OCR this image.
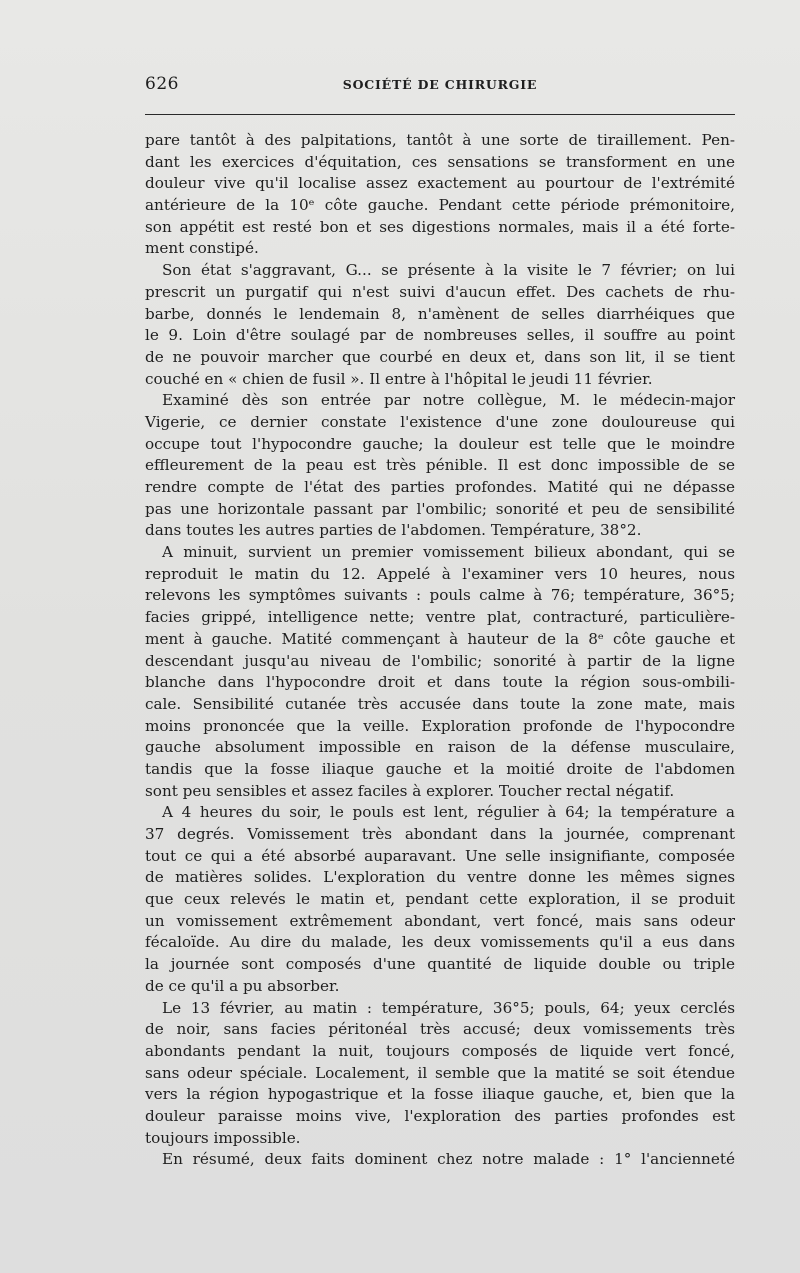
626	SOCIÉTÉ DE CHIRURGIE

pare tantôt à des palpitations, tantôt à une sorte de tiraillement. Pen-

dant les exercices d'équitation, ces sensations se transforment en une

douleur vive qu'il localise assez exactement au pourtour de l'extrémité

antérieure de la 10ᵉ côte gauche. Pendant cette période prémonitoire,

son appétit est resté bon et ses digestions normales, mais il a été forte-

ment constipé.

Son état s'aggravant, G... se présente à la visite le 7 février; on lui

prescrit un purgatif qui n'est suivi d'aucun effet. Des cachets de rhu-

barbe, donnés le lendemain 8, n'amènent de selles diarrhéiques que

le 9. Loin d'être soulagé par de nombreuses selles, il souffre au point

de ne pouvoir marcher que courbé en deux et, dans son lit, il se tient

couché en « chien de fusil ». Il entre à l'hôpital le jeudi 11 février.

Examiné dès son entrée par notre collègue, M. le médecin-major

Vigerie, ce dernier constate l'existence d'une zone douloureuse qui

occupe tout l'hypocondre gauche; la douleur est telle que le moindre

effleurement de la peau est très pénible. Il est donc impossible de se

rendre compte de l'état des parties profondes. Matité qui ne dépasse

pas une horizontale passant par l'ombilic; sonorité et peu de sensibilité

dans toutes les autres parties de l'abdomen. Température, 38°2.

A minuit, survient un premier vomissement bilieux abondant, qui se

reproduit le matin du 12. Appelé à l'examiner vers 10 heures, nous

relevons les symptômes suivants : pouls calme à 76; température, 36°5;

facies grippé, intelligence nette; ventre plat, contracturé, particulière-

ment à gauche. Matité commençant à hauteur de la 8ᵉ côte gauche et

descendant jusqu'au niveau de l'ombilic; sonorité à partir de la ligne

blanche dans l'hypocondre droit et dans toute la région sous-ombili-

cale. Sensibilité cutanée très accusée dans toute la zone mate, mais

moins prononcée que la veille. Exploration profonde de l'hypocondre

gauche absolument impossible en raison de la défense musculaire,

tandis que la fosse iliaque gauche et la moitié droite de l'abdomen

sont peu sensibles et assez faciles à explorer. Toucher rectal négatif.

A 4 heures du soir, le pouls est lent, régulier à 64; la température a

37 degrés. Vomissement très abondant dans la journée, comprenant

tout ce qui a été absorbé auparavant. Une selle insignifiante, composée

de matières solides. L'exploration du ventre donne les mêmes signes

que ceux relevés le matin et, pendant cette exploration, il se produit

un vomissement extrêmement abondant, vert foncé, mais sans odeur

fécaloïde. Au dire du malade, les deux vomissements qu'il a eus dans

la journée sont composés d'une quantité de liquide double ou triple

de ce qu'il a pu absorber.

Le 13 février, au matin : température, 36°5; pouls, 64; yeux cerclés

de noir, sans facies péritonéal très accusé; deux vomissements très

abondants pendant la nuit, toujours composés de liquide vert foncé,

sans odeur spéciale. Localement, il semble que la matité se soit étendue

vers la région hypogastrique et la fosse iliaque gauche, et, bien que la

douleur paraisse moins vive, l'exploration des parties profondes est

toujours impossible.

En résumé, deux faits dominent chez notre malade : 1° l'ancienneté
